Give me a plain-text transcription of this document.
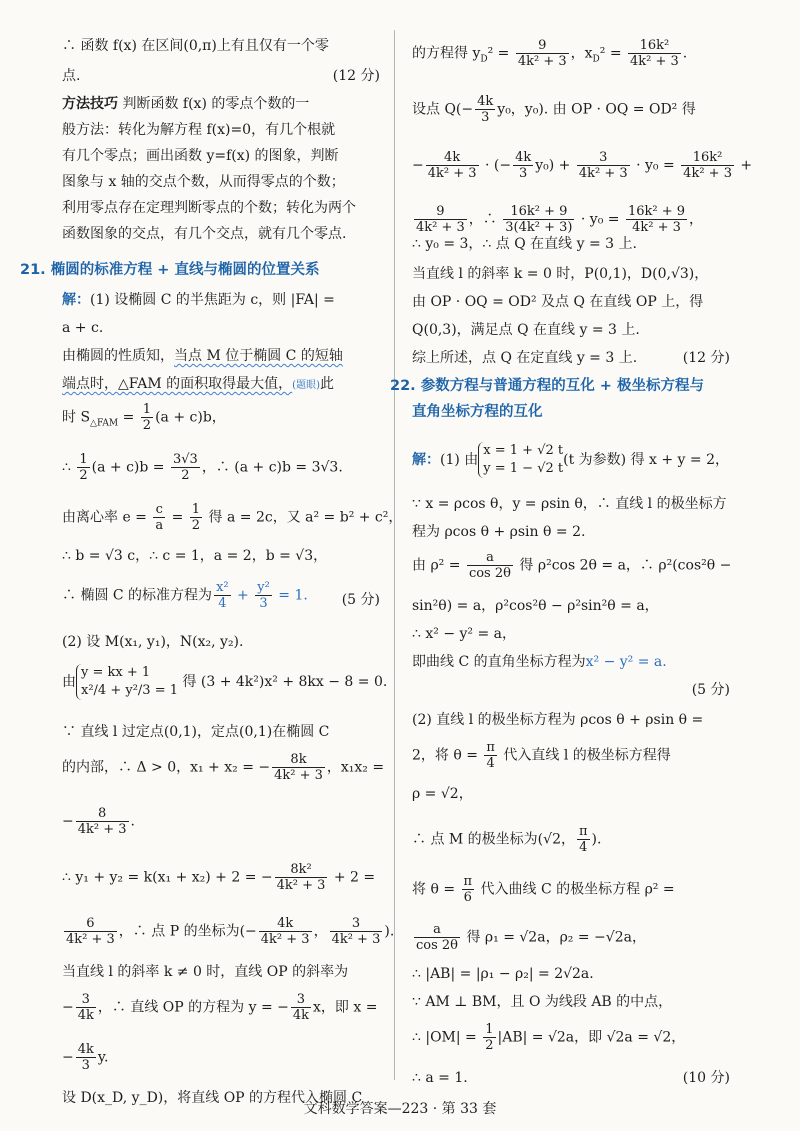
∴ 函数 f(x) 在区间(0,π)上有且仅有一个零
点.	(12 分)
方法技巧 判断函数 f(x) 的零点个数的一
般方法：转化为解方程 f(x)=0，有几个根就
有几个零点；画出函数 y=f(x) 的图象，判断
图象与 x 轴的交点个数，从而得零点的个数；
利用零点存在定理判断零点的个数；转化为两个
函数图象的交点，有几个交点，就有几个零点.
21. 椭圆的标准方程 + 直线与椭圆的位置关系
解：(1) 设椭圆 C 的半焦距为 c，则 |FA| =
a + c.
由椭圆的性质知，当点 M 位于椭圆 C 的短轴
端点时，△FAM 的面积取得最大值，(题眼)此
时 $S_{\triangle FAM} = \frac{1}{2} (a + c)b$，
∴ $\frac{1}{2} (a + c)b = \frac{3√3}{2}$ ，∴ (a + c)b = 3√3.
由离心率 $e = \frac{c}{a} = \frac{1}{2}$ 得 a = 2c，又 a² = b² + c²，
∴ b = √3 c，∴ c = 1，a = 2，b = √3，
∴ 椭圆 C 的标准方程为 $\frac{\text{x²}}{4} + \frac{\text{y²}}{3} = 1$. (5 分)
(2) 设 M(x₁, y₁)，N(x₂, y₂).
由
y = kx + 1
x²/4 + y²/3 = 1
得 (3 + 4k²)x² + 8kx − 8 = 0.
∵ 直线 l 过定点(0,1)，定点(0,1)在椭圆 C
的内部，∴ Δ > 0，x₁ + x₂ = − $\frac{8k}{\text{4k² + 3}}$ ，x₁x₂ =
− $\frac{8}{\text{4k² + 3}}$ .
∴ y₁ + y₂ = k(x₁ + x₂) + 2 = − $\frac{\text{8k²}}{\text{4k² + 3}} + 2$ =
$\frac{6}{\text{4k² + 3}}$ ，∴ 点 P 的坐标为(− $\frac{4k}{\text{4k² + 3}}$ ， $\frac{3}{\text{4k² + 3}}$ ).
当直线 l 的斜率 k ≠ 0 时，直线 OP 的斜率为
− $\frac{3}{4k}$ ，∴ 直线 OP 的方程为 y = − $\frac{3}{4k}$ x，即 x =
− $\frac{4k}{3} y$.
设 D(x_D, y_D)，将直线 OP 的方程代入椭圆 C
的方程得 $y_D^2 = \frac{9}{\text{4k² + 3}}$ ，$x_D^2 = \frac{\text{16k²}}{\text{4k² + 3}}$ .
设点 $Q(- \frac{4k}{3} y_0$，y₀). 由 OP · OQ = OD² 得
− $\frac{4k}{\text{4k² + 3}}$ · (− $\frac{4k}{3} y_0) + \frac{3}{\text{4k² + 3}} \cdot y_0 = \frac{\text{16k²}}{\text{4k² + 3}}$ +
$\frac{9}{\text{4k² + 3}}$ ，∴ $\frac{\text{16k² + 9}}{\text{3(4k² + 3)}} \cdot y_0 = \frac{\text{16k² + 9}}{\text{4k² + 3}}$ ，
∴ y₀ = 3，∴ 点 Q 在直线 y = 3 上.
当直线 l 的斜率 k = 0 时，P(0,1)，D(0,√3)，
由 OP · OQ = OD² 及点 Q 在直线 OP 上，得
Q(0,3)，满足点 Q 在直线 y = 3 上.
综上所述，点 Q 在定直线 y = 3 上.	(12 分)
22. 参数方程与普通方程的互化 + 极坐标方程与
直角坐标方程的互化
解：(1) 由
x = 1 + √2 t
y = 1 − √2 t
(t 为参数) 得 x + y = 2，
∵ x = ρcos θ，y = ρsin θ，∴ 直线 l 的极坐标方
程为 ρcos θ + ρsin θ = 2.
由 $\rho^2 = \frac{a}{\cos 2\theta}$ 得 ρ²cos 2θ = a，∴ ρ²(cos²θ −
sin²θ) = a，ρ²cos²θ − ρ²sin²θ = a，
∴ x² − y² = a，
即曲线 C 的直角坐标方程为x² − y² = a.
(5 分)
(2) 直线 l 的极坐标方程为 ρcos θ + ρsin θ =
2，将 $\theta = \frac{\pi}{4}$ 代入直线 l 的极坐标方程得
ρ = √2，
∴ 点 M 的极坐标为(√2， $\frac{\pi}{4}$ ).
将 $\theta = \frac{\pi}{6}$ 代入曲线 C 的极坐标方程 ρ² =
$\frac{a}{\cos 2\theta}$ 得 ρ₁ = √2a，ρ₂ = −√2a，
∴ |AB| = |ρ₁ − ρ₂| = 2√2a.
∵ AM ⊥ BM，且 O 为线段 AB 的中点，
∴ $|OM| = \frac{1}{2} |AB| = √2a$，即 √2a = √2，
∴ a = 1.	(10 分)
文科数学答案—223 · 第 33 套
